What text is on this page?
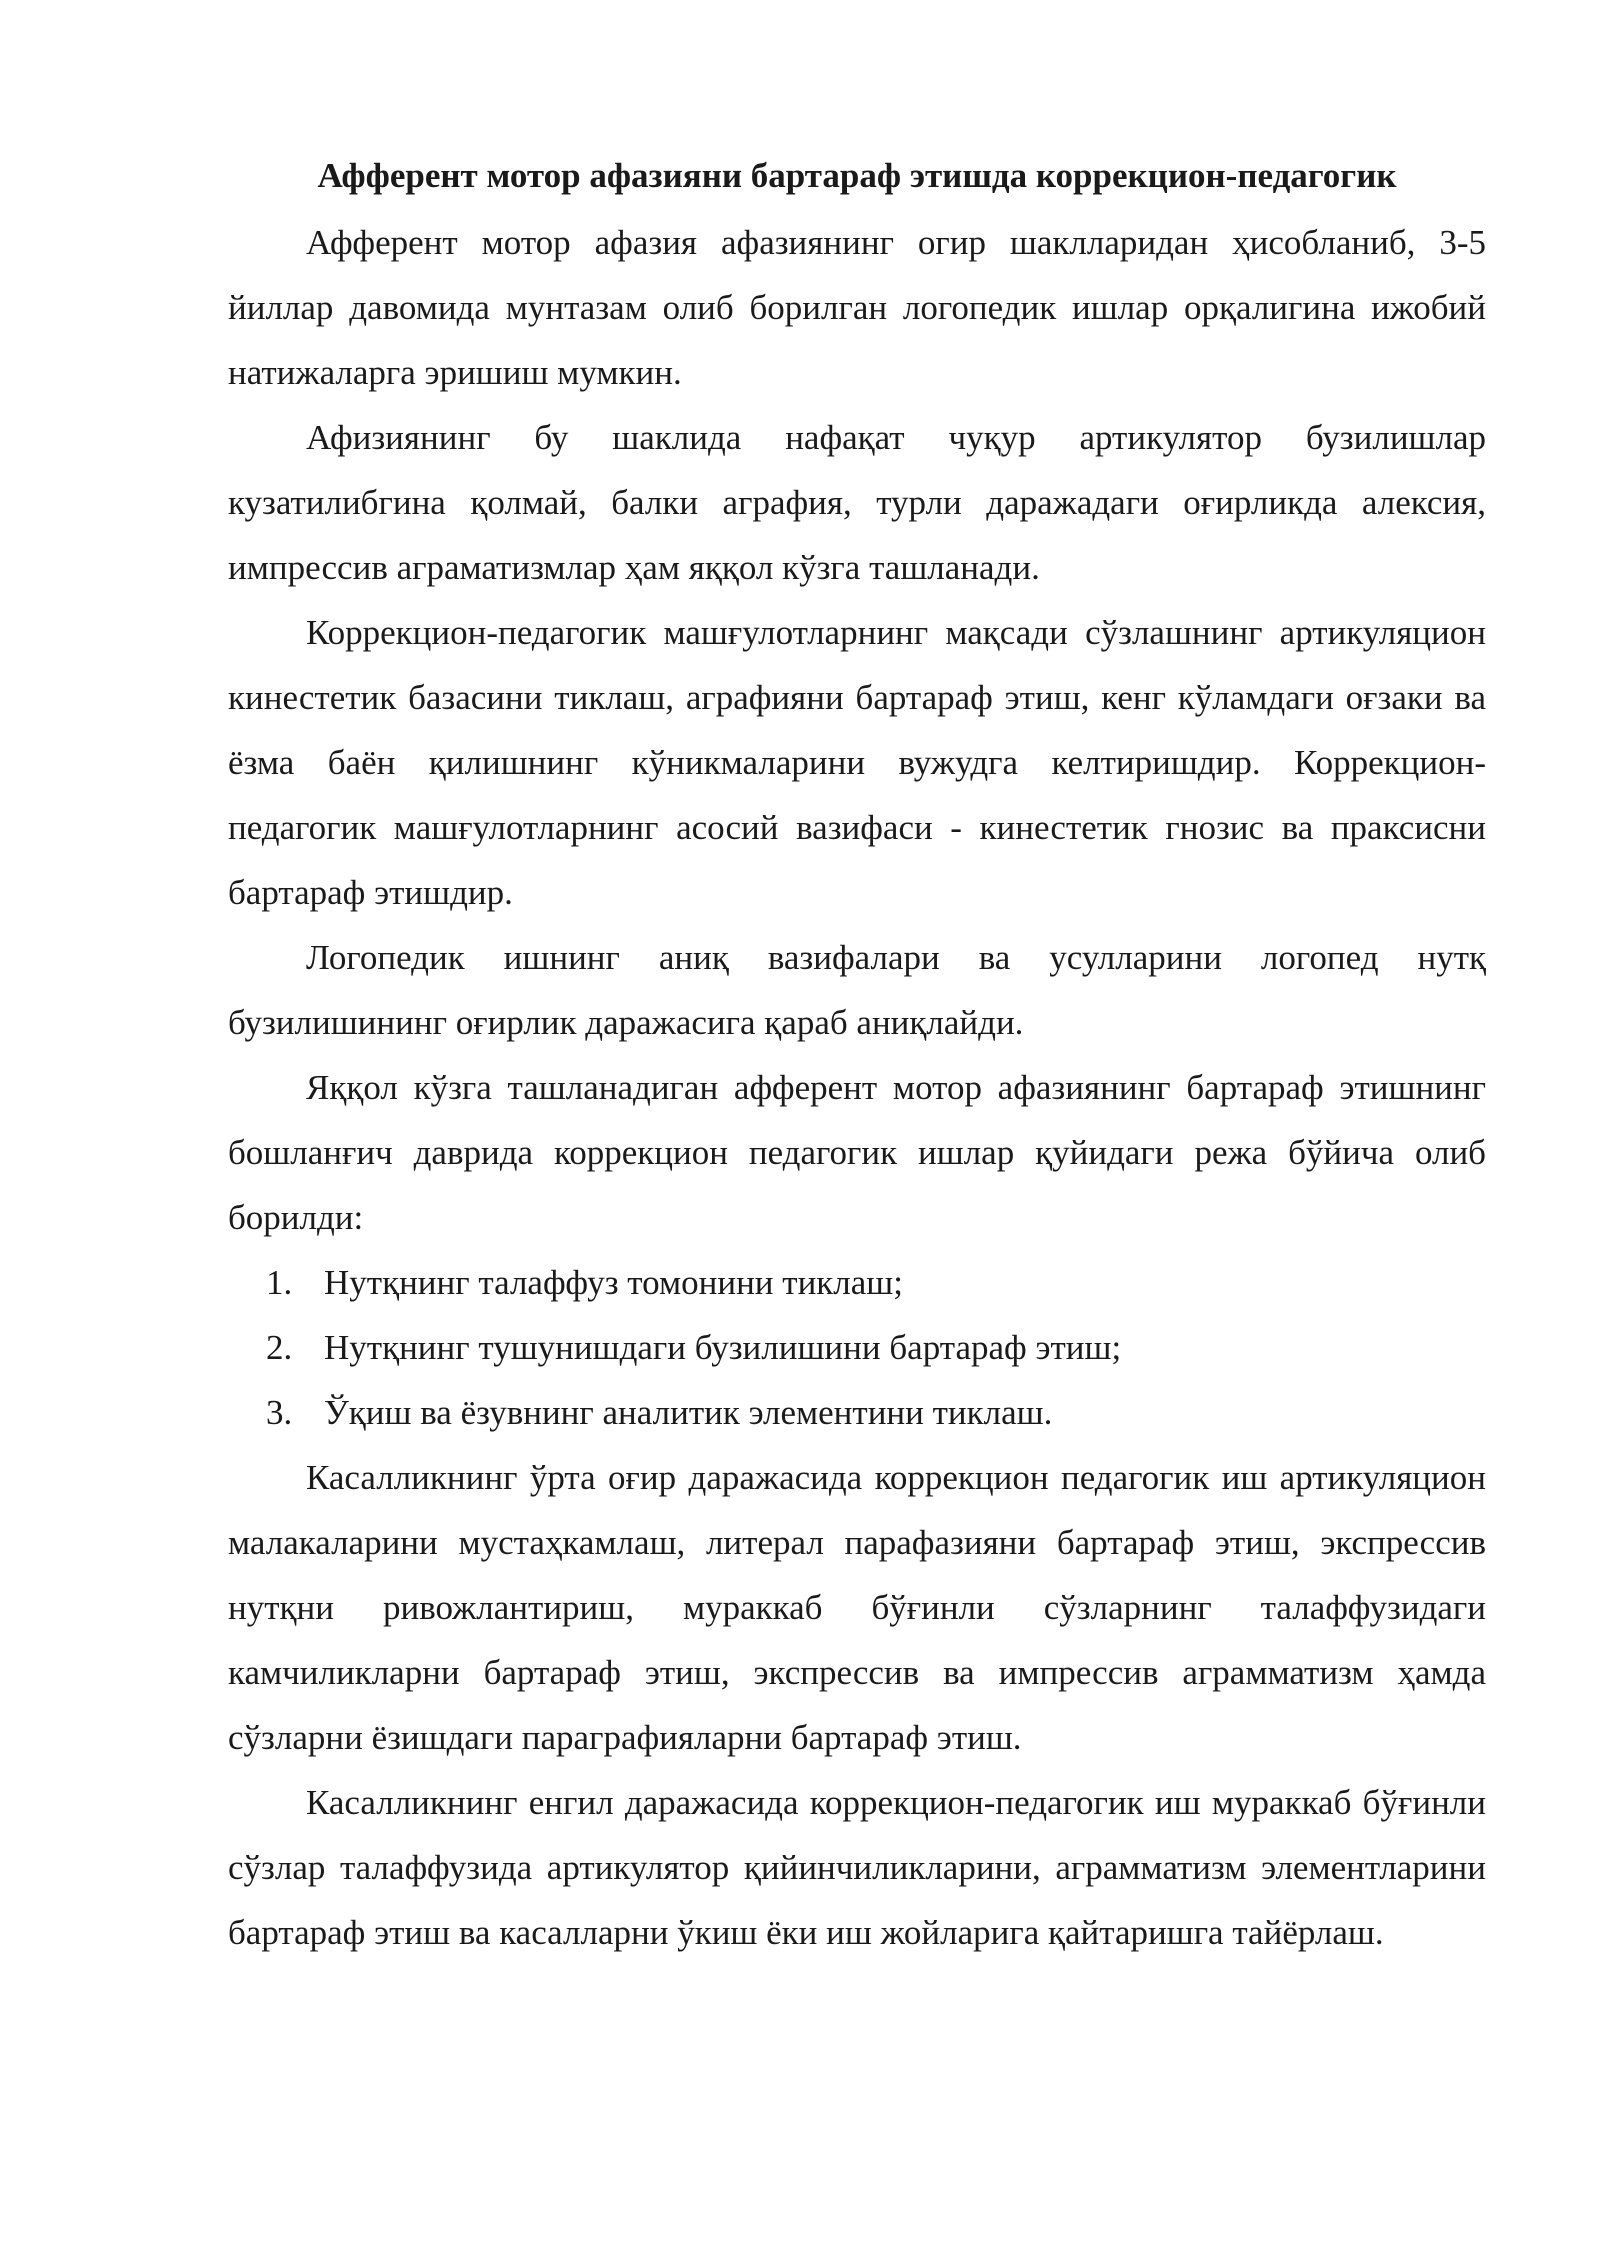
Афферент мотор афазияни бартараф этишда коррекцион-педагогик

Афферент мотор афазия афазиянинг огир шаклларидан ҳисобланиб, 3-5 йиллар давомида мунтазам олиб борилган логопедик ишлар орқалигина ижобий натижаларга эришиш мумкин.

Афизиянинг бу шаклида нафақат чуқур артикулятор бузилишлар кузатилибгина қолмай, балки аграфия, турли даражадаги оғирликда алексия, импрессив аграматизмлар ҳам яққол кўзга ташланади.

Коррекцион-педагогик машғулотларнинг мақсади сўзлашнинг артикуляцион кинестетик базасини тиклаш, аграфияни бартараф этиш, кенг кўламдаги оғзаки ва ёзма баён қилишнинг кўникмаларини вужудга келтиришдир. Коррекцион-педагогик машғулотларнинг асосий вазифаси - кинестетик гнозис ва праксисни бартараф этишдир.

Логопедик ишнинг аниқ вазифалари ва усулларини логопед нутқ бузилишининг оғирлик даражасига қараб аниқлайди.

Яққол кўзга ташланадиган афферент мотор афазиянинг бартараф этишнинг бошланғич даврида коррекцион педагогик ишлар қуйидаги режа бўйича олиб борилди:

1. Нутқнинг талаффуз томонини тиклаш;
2. Нутқнинг тушунишдаги бузилишини бартараф этиш;
3. Ўқиш ва ёзувнинг аналитик элементини тиклаш.

Касалликнинг ўрта оғир даражасида коррекцион педагогик иш артикуляцион малакаларини мустаҳкамлаш, литерал парафазияни бартараф этиш, экспрессив нутқни ривожлантириш, мураккаб бўғинли сўзларнинг талаффузидаги камчиликларни бартараф этиш, экспрессив ва импрессив аграмматизм ҳамда сўзларни ёзишдаги параграфияларни бартараф этиш.

Касалликнинг енгил даражасида коррекцион-педагогик иш мураккаб бўғинли сўзлар талаффузида артикулятор қийинчиликларини, аграмматизм элементларини бартараф этиш ва касалларни ўкиш ёки иш жойларига қайтаришга тайёрлаш.
